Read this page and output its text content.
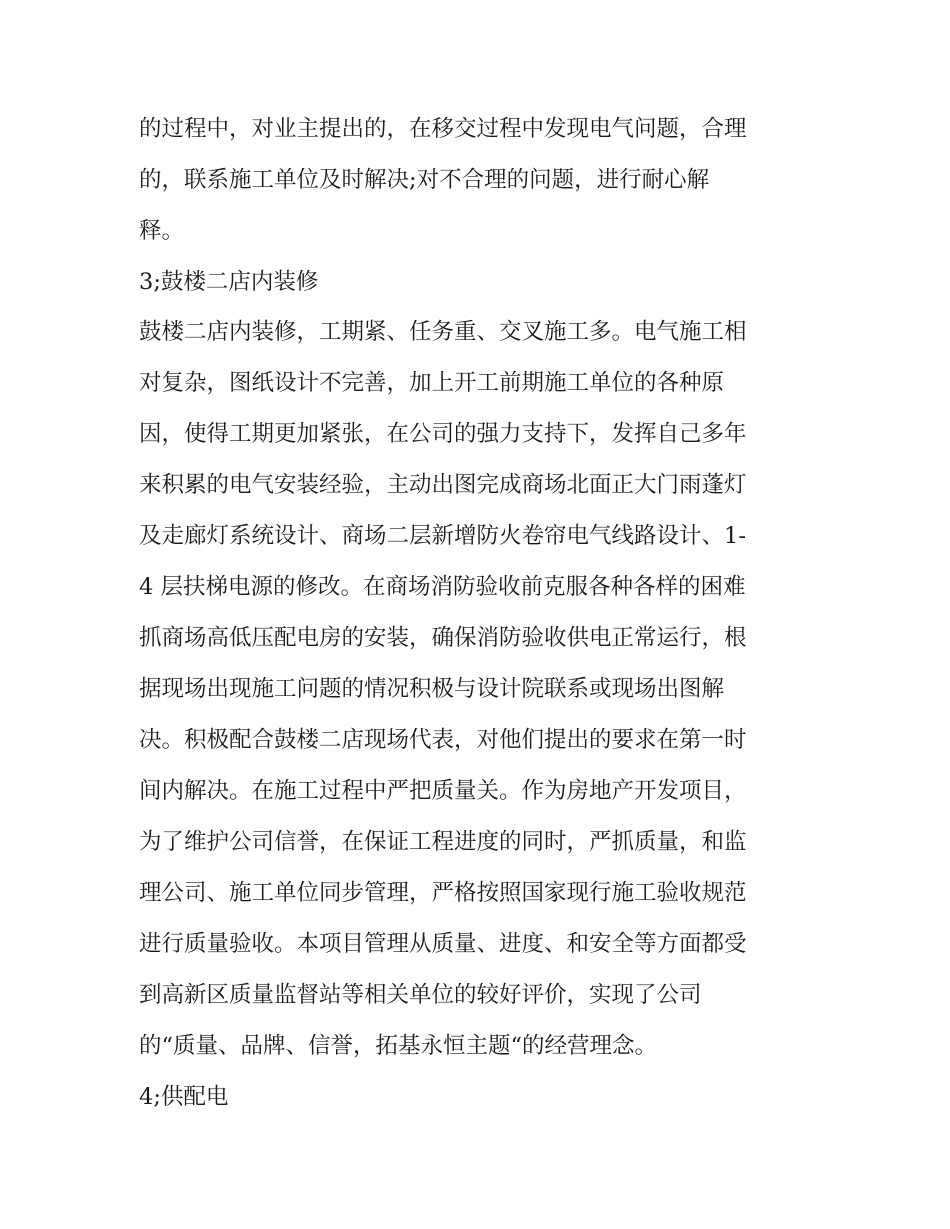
的过程中，对业主提出的，在移交过程中发现电气问题，合理
的，联系施工单位及时解决;对不合理的问题，进行耐心解
释。
3;鼓楼二店内装修
鼓楼二店内装修，工期紧、任务重、交叉施工多。电气施工相
对复杂，图纸设计不完善，加上开工前期施工单位的各种原
因，使得工期更加紧张，在公司的强力支持下，发挥自己多年
来积累的电气安装经验，主动出图完成商场北面正大门雨蓬灯
及走廊灯系统设计、商场二层新增防火卷帘电气线路设计、1-
4 层扶梯电源的修改。在商场消防验收前克服各种各样的困难
抓商场高低压配电房的安装，确保消防验收供电正常运行，根
据现场出现施工问题的情况积极与设计院联系或现场出图解
决。积极配合鼓楼二店现场代表，对他们提出的要求在第一时
间内解决。在施工过程中严把质量关。作为房地产开发项目，
为了维护公司信誉，在保证工程进度的同时，严抓质量，和监
理公司、施工单位同步管理，严格按照国家现行施工验收规范
进行质量验收。本项目管理从质量、进度、和安全等方面都受
到高新区质量监督站等相关单位的较好评价，实现了公司
的“质量、品牌、信誉，拓基永恒主题“的经营理念。
4;供配电
